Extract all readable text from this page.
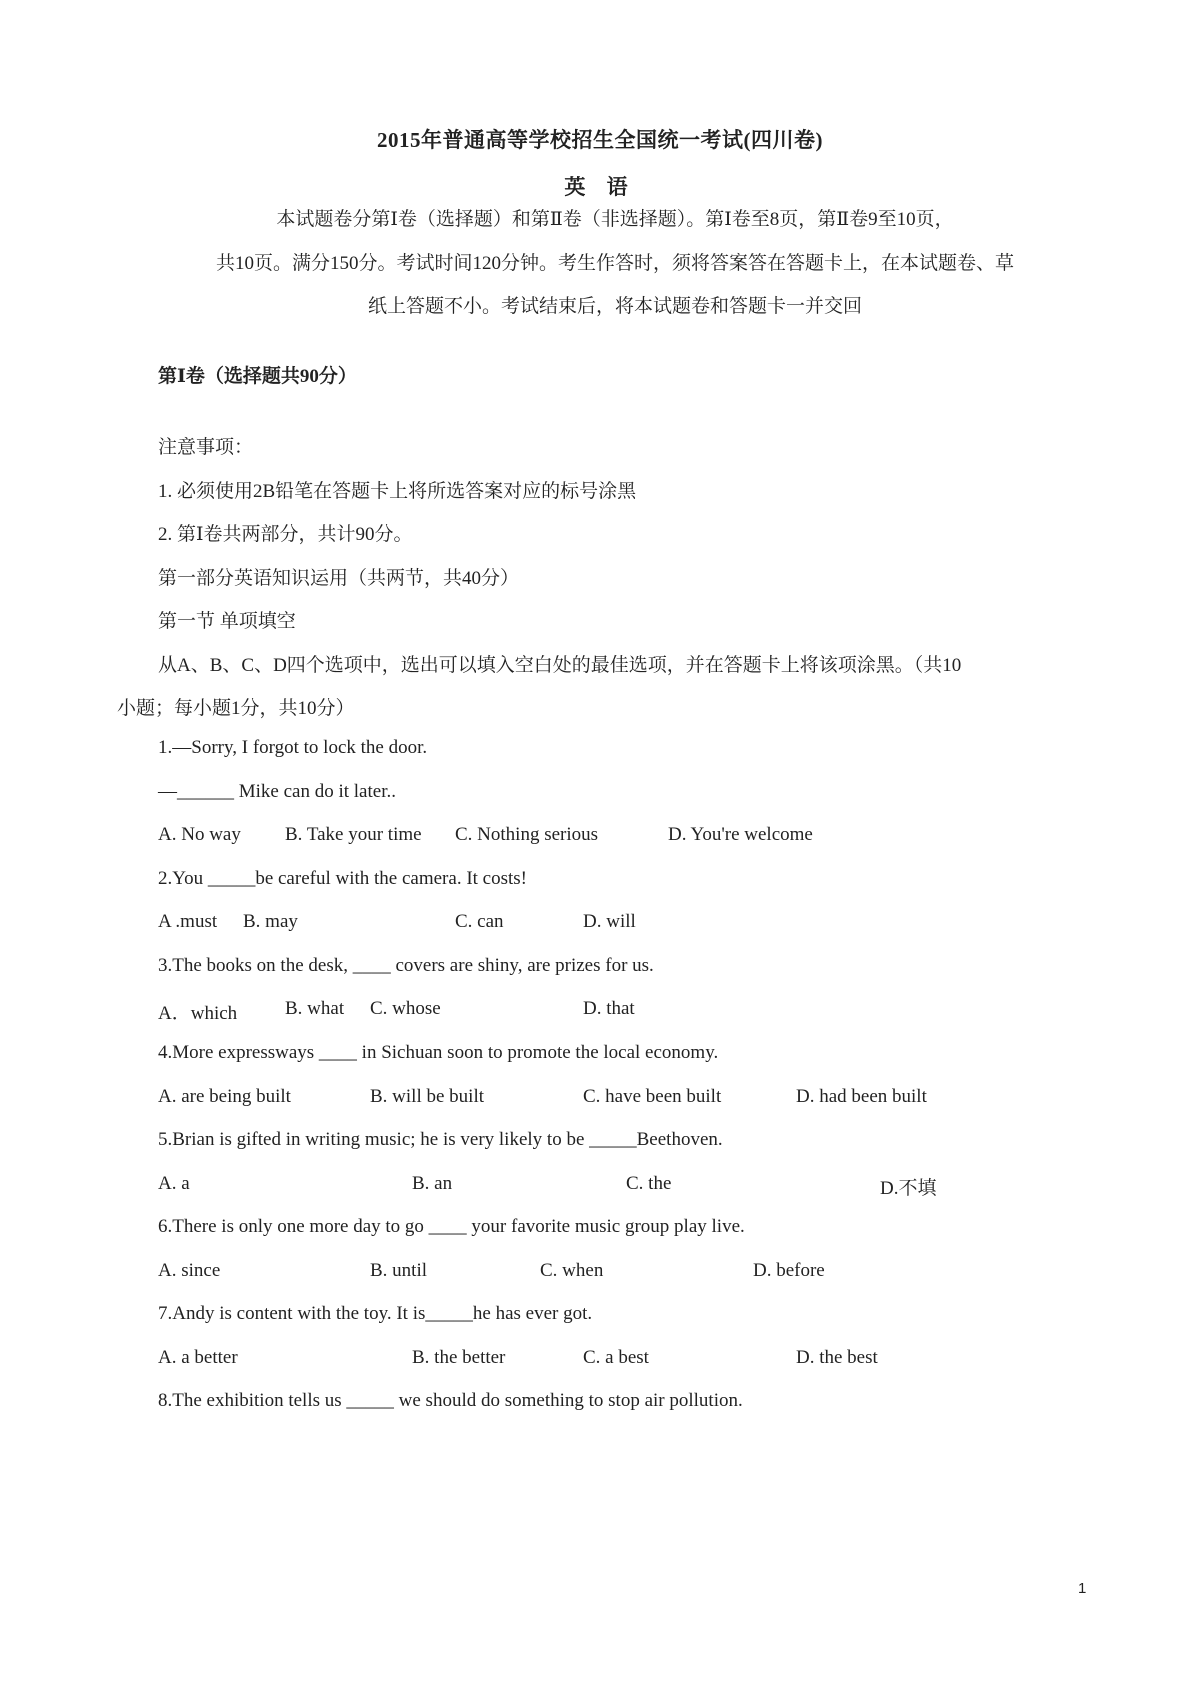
2015年普通高等学校招生全国统一考试(四川卷)
英 语
本试题卷分第Ⅰ卷（选择题）和第Ⅱ卷（非选择题）。第Ⅰ卷至8页，第Ⅱ卷9至10页，
共10页。满分150分。考试时间120分钟。考生作答时，须将答案答在答题卡上，在本试题卷、草
纸上答题不小。考试结束后，将本试题卷和答题卡一并交回
第Ⅰ卷（选择题共90分）
注意事项：
1. 必须使用2B铅笔在答题卡上将所选答案对应的标号涂黑
2. 第Ⅰ卷共两部分，共计90分。
第一部分英语知识运用（共两节，共40分）
第一节 单项填空
从A、B、C、D四个选项中，选出可以填入空白处的最佳选项，并在答题卡上将该项涂黑。（共10
小题；每小题1分，共10分）
1.—Sorry, I forgot to lock the door.
—______ Mike can do it later..
A. No way B. Take your time C. Nothing serious	D. You're welcome
2.You _____be careful with the camera. It costs!
A .must B. may	C. can	D. will
3.The books on the desk, ____ covers are shiny, are prizes for us.
A．which	B. what C. whose	D. that
4.More expressways ____ in Sichuan soon to promote the local economy.
A. are being built	B. will be built	C. have been built	D. had been built
5.Brian is gifted in writing music; he is very likely to be _____Beethoven.
A. a	B. an	C. the	D.不填
6.There is only one more day to go ____ your favorite music group play live.
A. since	B. until	C. when	D. before
7.Andy is content with the toy. It is_____he has ever got.
A. a better	B. the better	C. a best	D. the best
8.The exhibition tells us _____ we should do something to stop air pollution.
1
